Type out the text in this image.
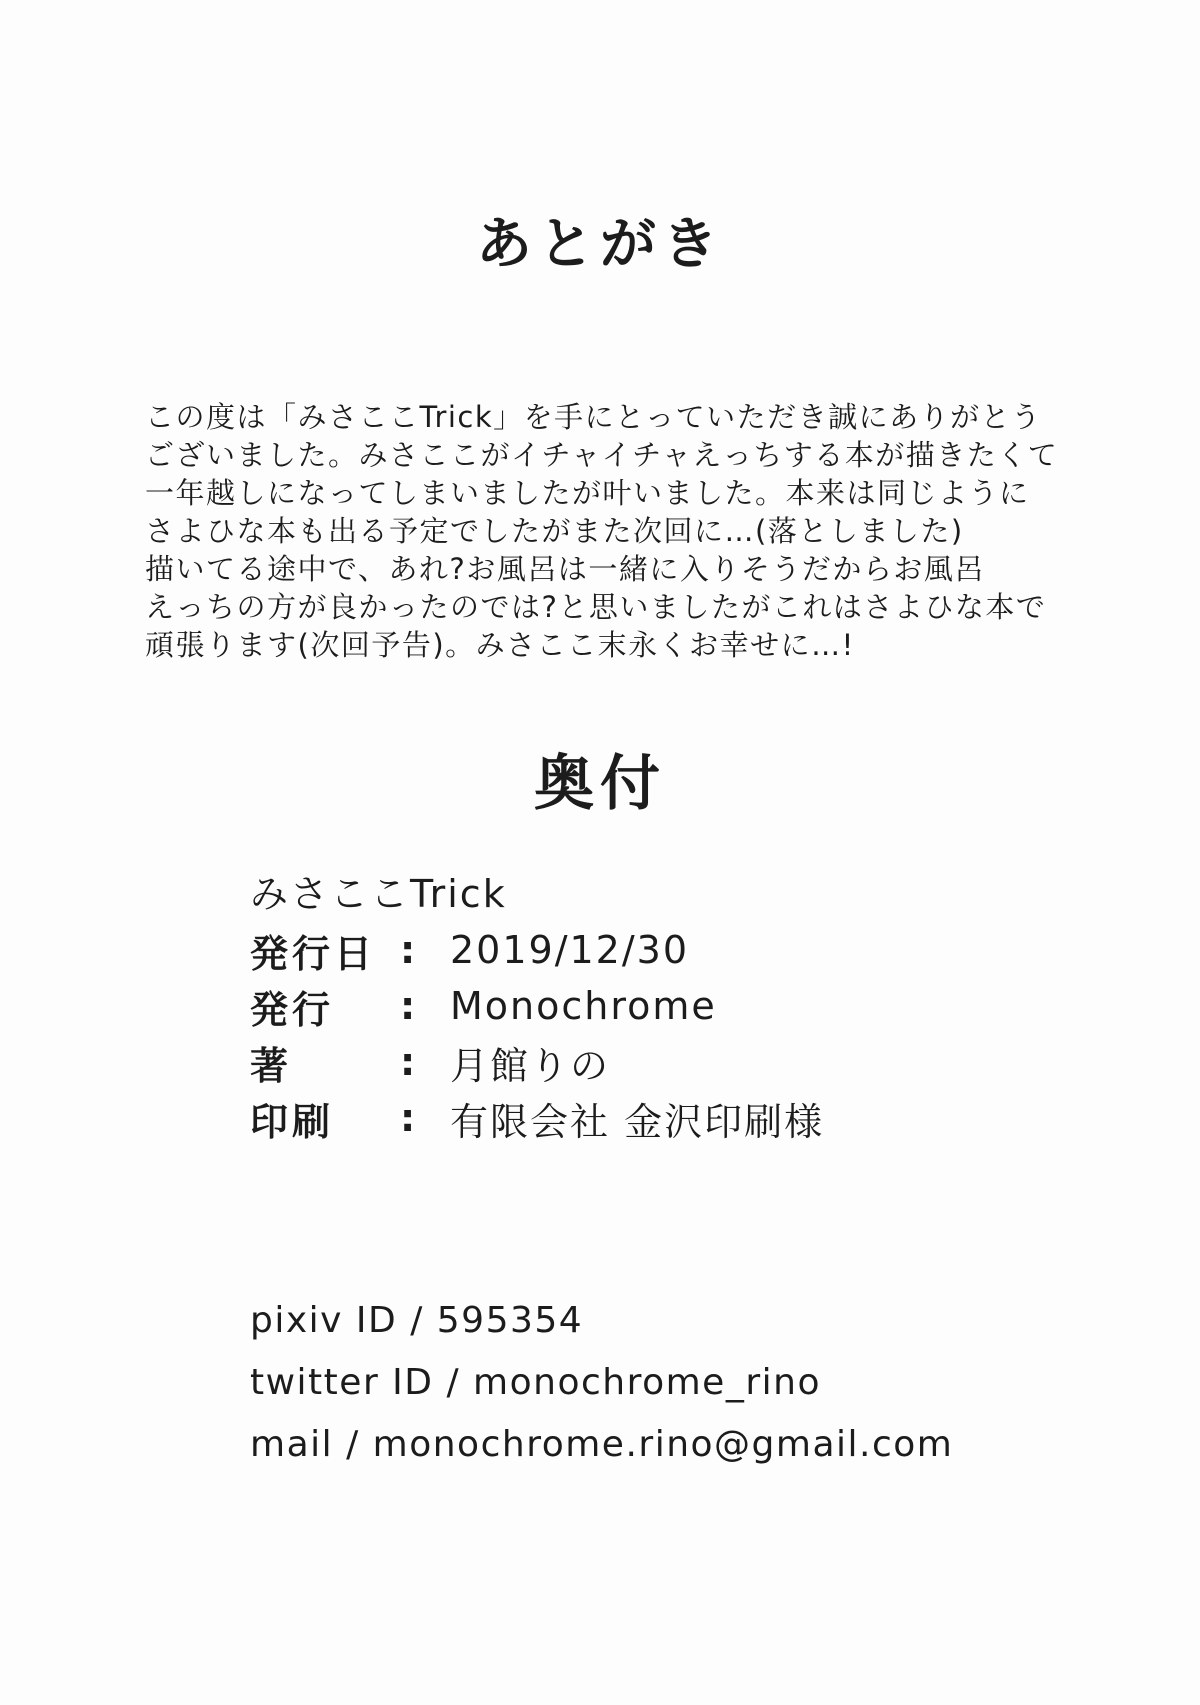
あとがき

この度は「みさここTrick」を手にとっていただき誠にありがとう

ございました。みさここがイチャイチャえっちする本が描きたくて

一年越しになってしまいましたが叶いました。本来は同じように

さよひな本も出る予定でしたがまた次回に…(落としました)

描いてる途中で、あれ?お風呂は一緒に入りそうだからお風呂

えっちの方が良かったのでは?と思いましたがこれはさよひな本で

頑張ります(次回予告)。みさここ末永くお幸せに…!

奥付
みさここTrick
発行日 : 2019/12/30
発行	: Monochrome
著	: 月館りの
印刷	: 有限会社 金沢印刷様
pixiv ID / 595354
twitter ID / monochrome_rino
mail / monochrome.rino@gmail.com
